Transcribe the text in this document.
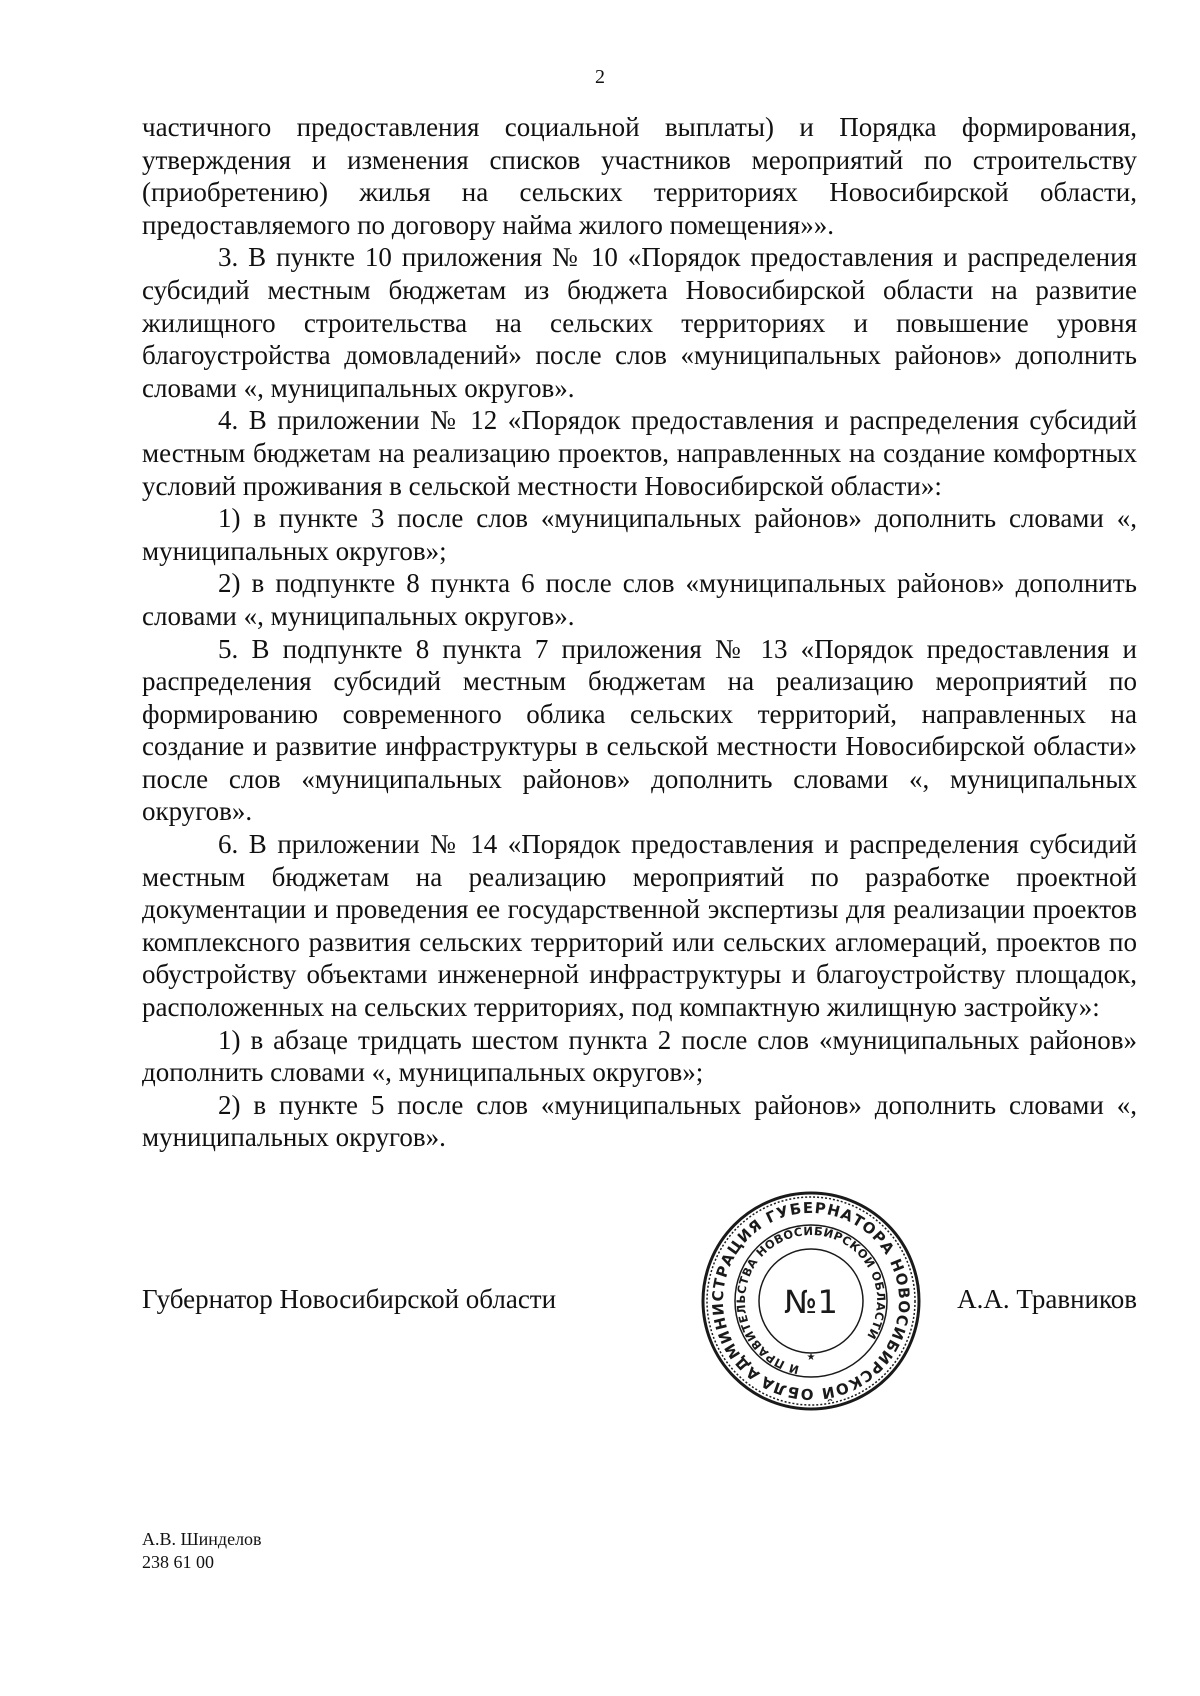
2

частичного предоставления социальной выплаты) и Порядка формирования, утверждения и изменения списков участников мероприятий по строительству (приобретению) жилья на сельских территориях Новосибирской области, предоставляемого по договору найма жилого помещения»».

3. В пункте 10 приложения № 10 «Порядок предоставления и распределения субсидий местным бюджетам из бюджета Новосибирской области на развитие жилищного строительства на сельских территориях и повышение уровня благоустройства домовладений» после слов «муниципальных районов» дополнить словами «, муниципальных округов».

4. В приложении № 12 «Порядок предоставления и распределения субсидий местным бюджетам на реализацию проектов, направленных на создание комфортных условий проживания в сельской местности Новосибирской области»:

1) в пункте 3 после слов «муниципальных районов» дополнить словами «, муниципальных округов»;

2) в подпункте 8 пункта 6 после слов «муниципальных районов» дополнить словами «, муниципальных округов».

5. В подпункте 8 пункта 7 приложения № 13 «Порядок предоставления и распределения субсидий местным бюджетам на реализацию мероприятий по формированию современного облика сельских территорий, направленных на создание и развитие инфраструктуры в сельской местности Новосибирской области» после слов «муниципальных районов» дополнить словами «, муниципальных округов».

6. В приложении № 14 «Порядок предоставления и распределения субсидий местным бюджетам на реализацию мероприятий по разработке проектной документации и проведения ее государственной экспертизы для реализации проектов комплексного развития сельских территорий или сельских агломераций, проектов по обустройству объектами инженерной инфраструктуры и благоустройству площадок, расположенных на сельских территориях, под компактную жилищную застройку»:

1) в абзаце тридцать шестом пункта 2 после слов «муниципальных районов» дополнить словами «, муниципальных округов»;

2) в пункте 5 после слов «муниципальных районов» дополнить словами «, муниципальных округов».

Губернатор Новосибирской области
АДМИНИСТРАЦИЯ ГУБЕРНАТОРА НОВОСИБИРСКОЙ ОБЛАСТИ
И ПРАВИТЕЛЬСТВА НОВОСИБИРСКОЙ ОБЛАСТИ
№1
★
А.А. Травников
А.В. Шинделов
238 61 00
